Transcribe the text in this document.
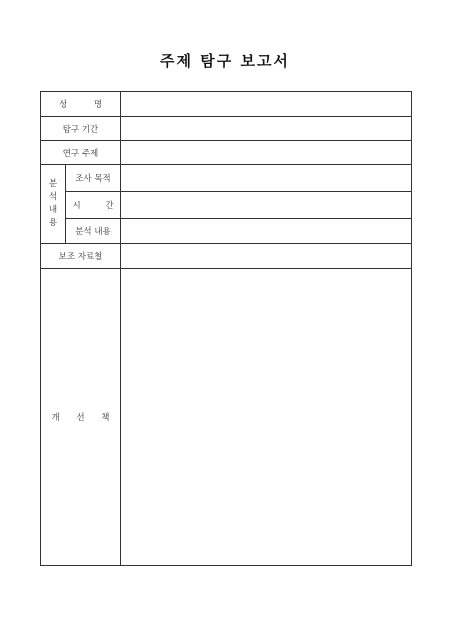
주제 탐구 보고서
성 명		
탐구 기간		
연구 주제		
분석내용	조사 목적	
	시 간	
	분석 내용	
보조 자료철		
개 선 책		
